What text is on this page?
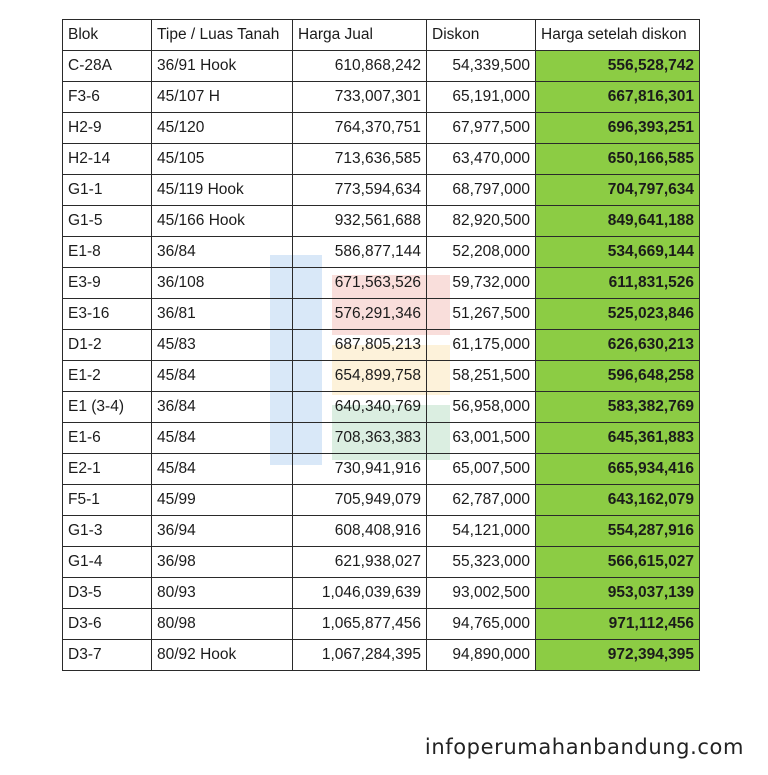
Blok	Tipe / Luas Tanah	Harga Jual	Diskon	Harga setelah diskon
C-28A	36/91 Hook	610,868,242	54,339,500	556,528,742
F3-6	45/107 H	733,007,301	65,191,000	667,816,301
H2-9	45/120	764,370,751	67,977,500	696,393,251
H2-14	45/105	713,636,585	63,470,000	650,166,585
G1-1	45/119 Hook	773,594,634	68,797,000	704,797,634
G1-5	45/166 Hook	932,561,688	82,920,500	849,641,188
E1-8	36/84	586,877,144	52,208,000	534,669,144
E3-9	36/108	671,563,526	59,732,000	611,831,526
E3-16	36/81	576,291,346	51,267,500	525,023,846
D1-2	45/83	687,805,213	61,175,000	626,630,213
E1-2	45/84	654,899,758	58,251,500	596,648,258
E1 (3-4)	36/84	640,340,769	56,958,000	583,382,769
E1-6	45/84	708,363,383	63,001,500	645,361,883
E2-1	45/84	730,941,916	65,007,500	665,934,416
F5-1	45/99	705,949,079	62,787,000	643,162,079
G1-3	36/94	608,408,916	54,121,000	554,287,916
G1-4	36/98	621,938,027	55,323,000	566,615,027
D3-5	80/93	1,046,039,639	93,002,500	953,037,139
D3-6	80/98	1,065,877,456	94,765,000	971,112,456
D3-7	80/92 Hook	1,067,284,395	94,890,000	972,394,395
infoperumahanbandung.com
